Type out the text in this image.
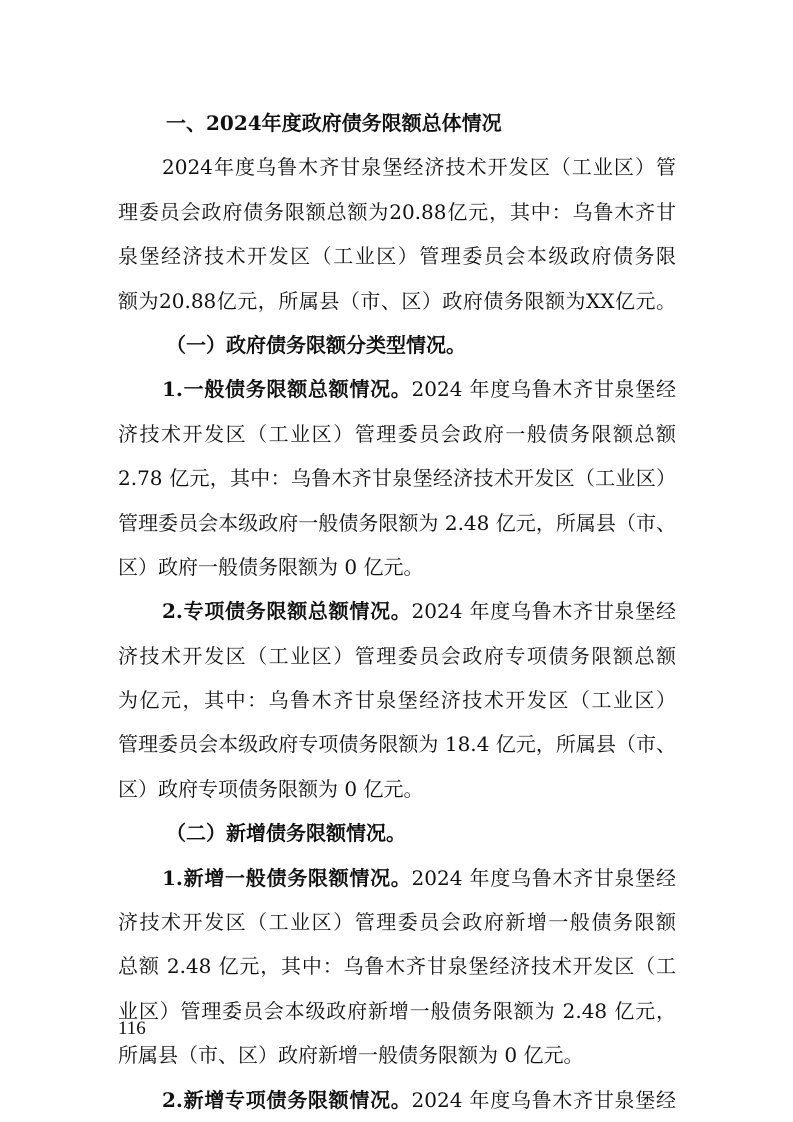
一、2024年度政府债务限额总体情况
2024年度乌鲁木齐甘泉堡经济技术开发区（工业区）管
理委员会政府债务限额总额为20.88亿元，其中：乌鲁木齐甘
泉堡经济技术开发区（工业区）管理委员会本级政府债务限
额为20.88亿元，所属县（市、区）政府债务限额为XX亿元。
（一）政府债务限额分类型情况。
1.一般债务限额总额情况。2024 年度乌鲁木齐甘泉堡经
济技术开发区（工业区）管理委员会政府一般债务限额总额
2.78 亿元，其中：乌鲁木齐甘泉堡经济技术开发区（工业区）
管理委员会本级政府一般债务限额为 2.48 亿元，所属县（市、
区）政府一般债务限额为 0 亿元。
2.专项债务限额总额情况。2024 年度乌鲁木齐甘泉堡经
济技术开发区（工业区）管理委员会政府专项债务限额总额
为亿元，其中：乌鲁木齐甘泉堡经济技术开发区（工业区）
管理委员会本级政府专项债务限额为 18.4 亿元，所属县（市、
区）政府专项债务限额为 0 亿元。
（二）新增债务限额情况。
1.新增一般债务限额情况。2024 年度乌鲁木齐甘泉堡经
济技术开发区（工业区）管理委员会政府新增一般债务限额
总额 2.48 亿元，其中：乌鲁木齐甘泉堡经济技术开发区（工
业区）管理委员会本级政府新增一般债务限额为 2.48 亿元，
所属县（市、区）政府新增一般债务限额为 0 亿元。
2.新增专项债务限额情况。2024 年度乌鲁木齐甘泉堡经
116
